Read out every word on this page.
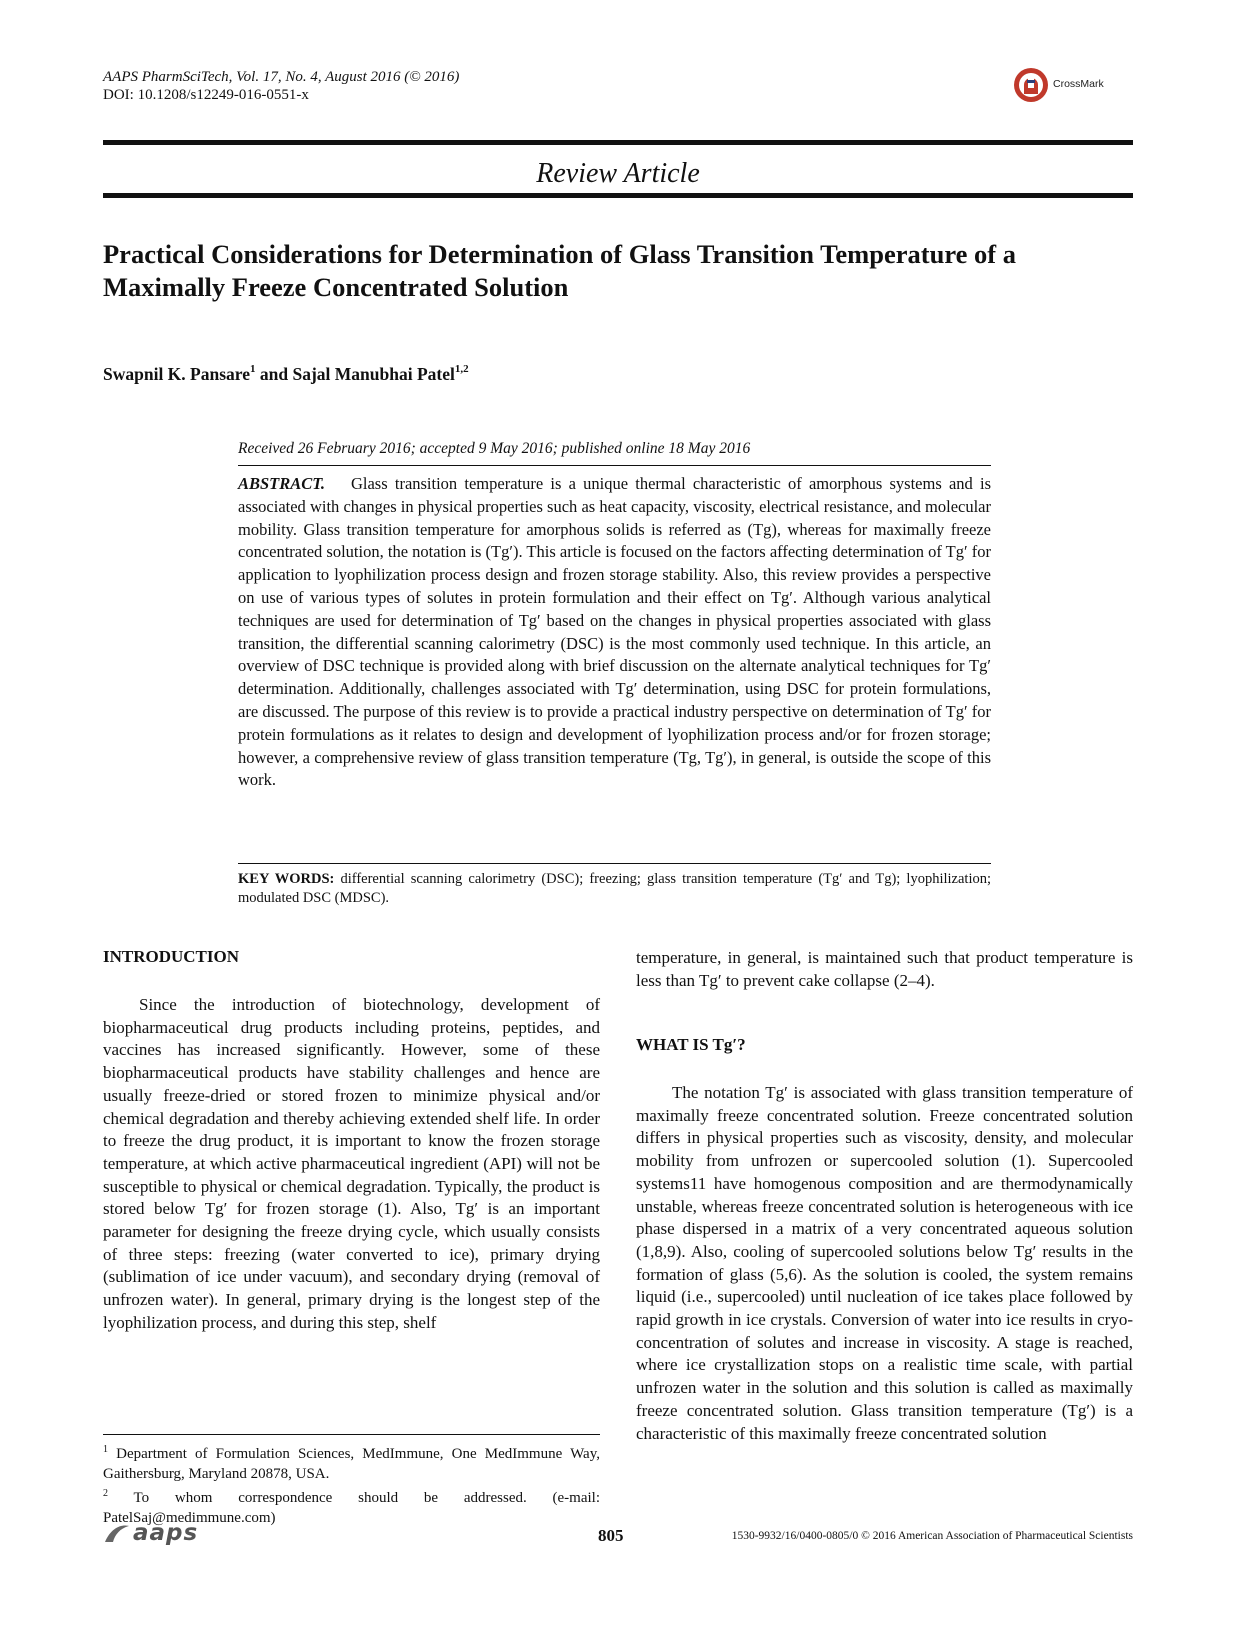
AAPS PharmSciTech, Vol. 17, No. 4, August 2016 (© 2016)
DOI: 10.1208/s12249-016-0551-x
CrossMark
Review Article
Practical Considerations for Determination of Glass Transition Temperature of a Maximally Freeze Concentrated Solution
Swapnil K. Pansare$^1$ and Sajal Manubhai Patel$^{1,2}$
Received 26 February 2016; accepted 9 May 2016; published online 18 May 2016
ABSTRACT. Glass transition temperature is a unique thermal characteristic of amorphous systems and is associated with changes in physical properties such as heat capacity, viscosity, electrical resistance, and molecular mobility. Glass transition temperature for amorphous solids is referred as (Tg), whereas for maximally freeze concentrated solution, the notation is (Tg′). This article is focused on the factors affecting determination of Tg′ for application to lyophilization process design and frozen storage stability. Also, this review provides a perspective on use of various types of solutes in protein formulation and their effect on Tg′. Although various analytical techniques are used for determination of Tg′ based on the changes in physical properties associated with glass transition, the differential scanning calorimetry (DSC) is the most commonly used technique. In this article, an overview of DSC technique is provided along with brief discussion on the alternate analytical techniques for Tg′ determination. Additionally, challenges associated with Tg′ determination, using DSC for protein formulations, are discussed. The purpose of this review is to provide a practical industry perspective on determination of Tg′ for protein formulations as it relates to design and development of lyophilization process and/or for frozen storage; however, a comprehensive review of glass transition temperature (Tg, Tg′), in general, is outside the scope of this work.
KEY WORDS: differential scanning calorimetry (DSC); freezing; glass transition temperature (Tg′ and Tg); lyophilization; modulated DSC (MDSC).
INTRODUCTION

Since the introduction of biotechnology, development of biopharmaceutical drug products including proteins, peptides, and vaccines has increased significantly. However, some of these biopharmaceutical products have stability challenges and hence are usually freeze-dried or stored frozen to minimize physical and/or chemical degradation and thereby achieving extended shelf life. In order to freeze the drug product, it is important to know the frozen storage temperature, at which active pharmaceutical ingredient (API) will not be susceptible to physical or chemical degradation. Typically, the product is stored below Tg′ for frozen storage (1). Also, Tg′ is an important parameter for designing the freeze drying cycle, which usually consists of three steps: freezing (water converted to ice), primary drying (sublimation of ice under vacuum), and secondary drying (removal of unfrozen water). In general, primary drying is the longest step of the lyophilization process, and during this step, shelf

$^1$ Department of Formulation Sciences, MedImmune, One MedImmune Way, Gaithersburg, Maryland 20878, USA.
$^2$ To whom correspondence should be addressed. (e-mail: PatelSaj@medimmune.com)

temperature, in general, is maintained such that product temperature is less than Tg′ to prevent cake collapse (2–4).

WHAT IS Tg′?

The notation Tg′ is associated with glass transition temperature of maximally freeze concentrated solution. Freeze concentrated solution differs in physical properties such as viscosity, density, and molecular mobility from unfrozen or supercooled solution (1). Supercooled systems11 have homogenous composition and are thermodynamically unstable, whereas freeze concentrated solution is heterogeneous with ice phase dispersed in a matrix of a very concentrated aqueous solution (1,8,9). Also, cooling of supercooled solutions below Tg′ results in the formation of glass (5,6). As the solution is cooled, the system remains liquid (i.e., supercooled) until nucleation of ice takes place followed by rapid growth in ice crystals. Conversion of water into ice results in cryo-concentration of solutes and increase in viscosity. A stage is reached, where ice crystallization stops on a realistic time scale, with partial unfrozen water in the solution and this solution is called as maximally freeze concentrated solution. Glass transition temperature (Tg′) is a characteristic of this maximally freeze concentrated solution

aaps	805	1530-9932/16/0400-0805/0 © 2016 American Association of Pharmaceutical Scientists
